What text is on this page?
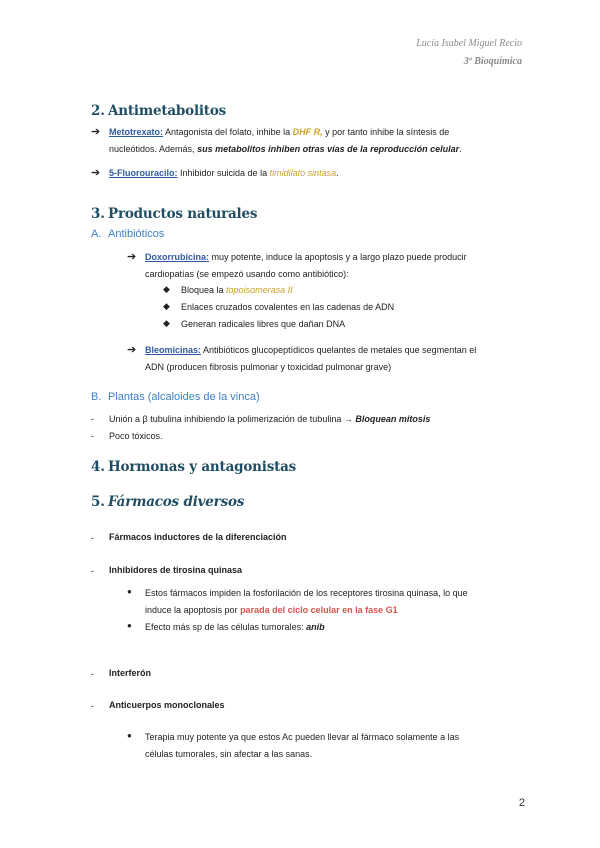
Lucía Isabel Miguel Recio
3º Bioquímica
2. Antimetabolitos
➔ Metotrexato: Antagonista del folato, inhibe la DHF R, y por tanto inhibe la síntesis de
nucleótidos. Además, sus metabolitos inhiben otras vías de la reproducción celular.
➔ 5-Fluorouracilo: Inhibidor suicida de la timidilato sintasa.
3. Productos naturales
A. Antibióticos
➔ Doxorrubicina: muy potente, induce la apoptosis y a largo plazo puede producir
cardiopatías (se empezó usando como antibiótico):
◆ Bloquea la topoisomerasa II
◆ Enlaces cruzados covalentes en las cadenas de ADN
◆ Generan radicales libres que dañan DNA
➔ Bleomicinas: Antibióticos glucopeptídicos quelantes de metales que segmentan el
ADN (producen fibrosis pulmonar y toxicidad pulmonar grave)
B. Plantas (alcaloides de la vinca)
- Unión a β tubulina inhibiendo la polimerización de tubulina → Bloquean mitosis
- Poco tóxicos.
4. Hormonas y antagonistas
5. Fármacos diversos
- Fármacos inductores de la diferenciación
- Inhibidores de tirosina quinasa
● Estos fármacos impiden la fosforilación de los receptores tirosina quinasa, lo que
induce la apoptosis por parada del ciclo celular en la fase G1
● Efecto más sp de las células tumorales: anib
- Interferón
- Anticuerpos monoclonales
● Terapia muy potente ya que estos Ac pueden llevar al fármaco solamente a las
células tumorales, sin afectar a las sanas.
2
